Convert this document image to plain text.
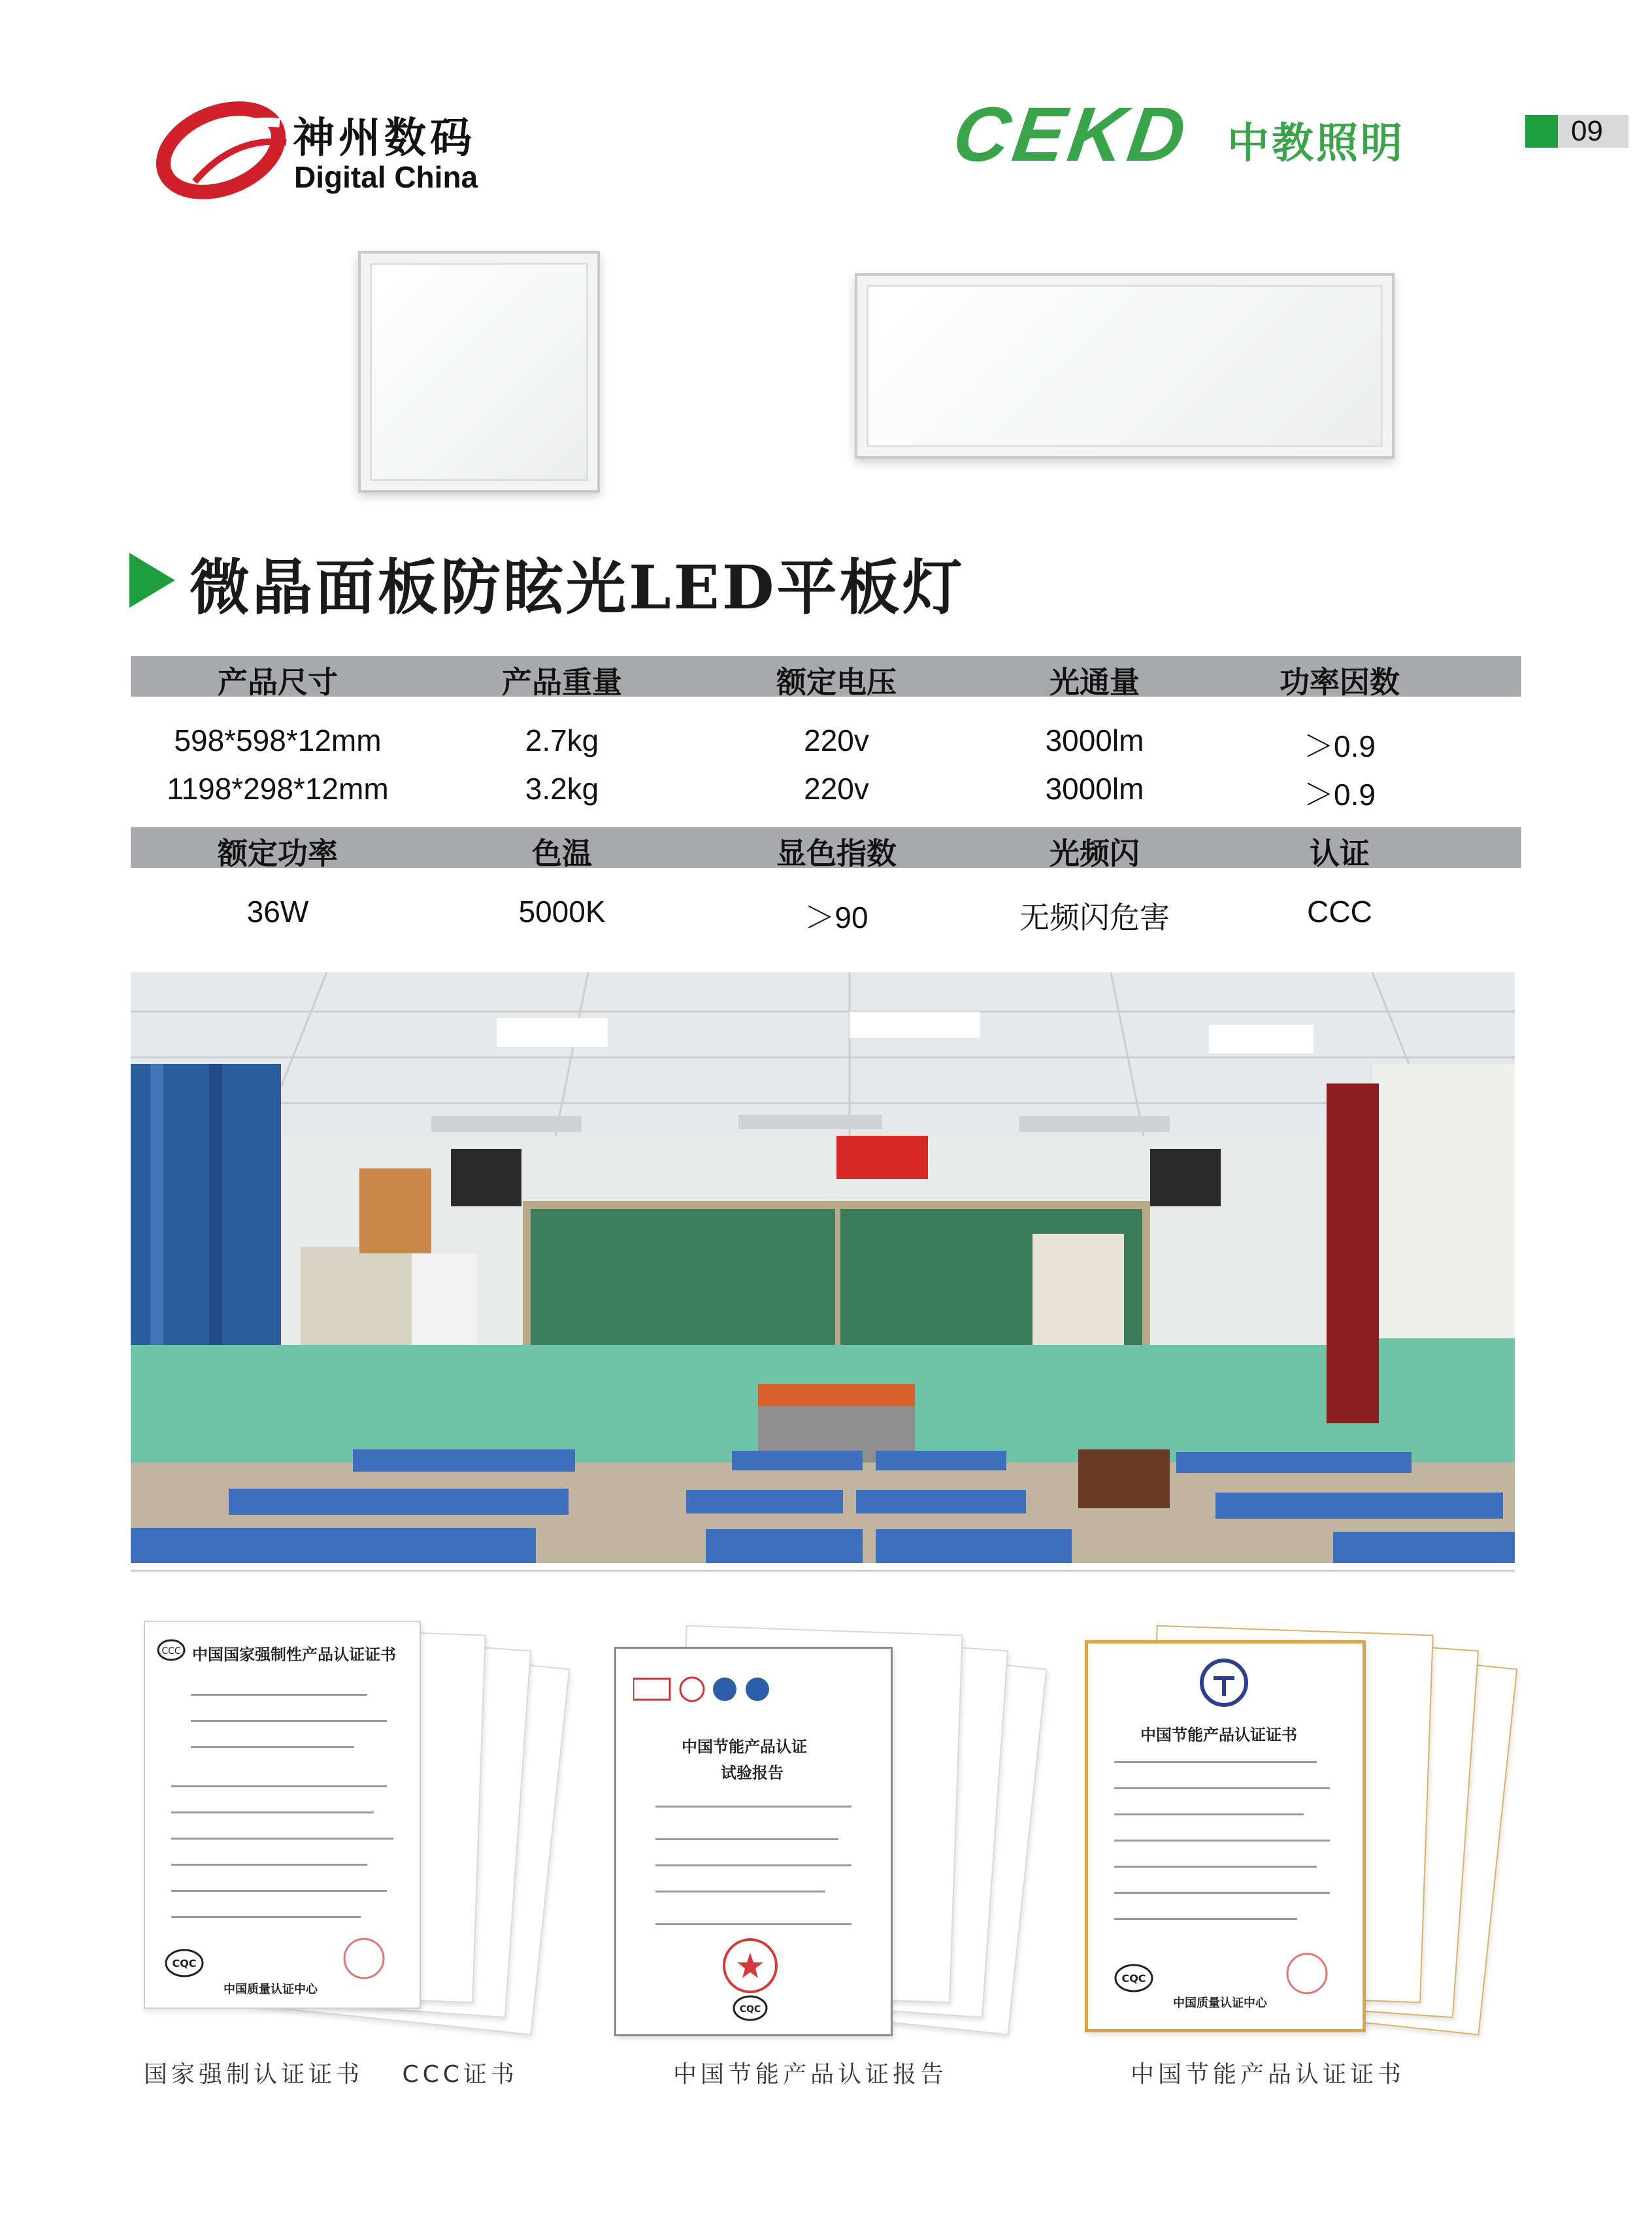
神州数码
Digital China	CEKD 中教照明	09
微晶面板防眩光LED平板灯
产品尺寸	产品重量	额定电压	光通量	功率因数
598*598*12mm	2.7kg	220v	3000lm	＞0.9
1198*298*12mm	3.2kg	220v	3000lm	＞0.9
额定功率	色温	显色指数	光频闪	认证
36W	5000K	＞90	无频闪危害	CCC
中国国家强制性产品认证证书
CCC
CQC
中国质量认证中心
国家强制认证证书　 CCC证书
中国节能产品认证
试验报告
CQC
中国节能产品认证报告
中国节能产品认证证书
CQC
中国质量认证中心
中国节能产品认证证书
